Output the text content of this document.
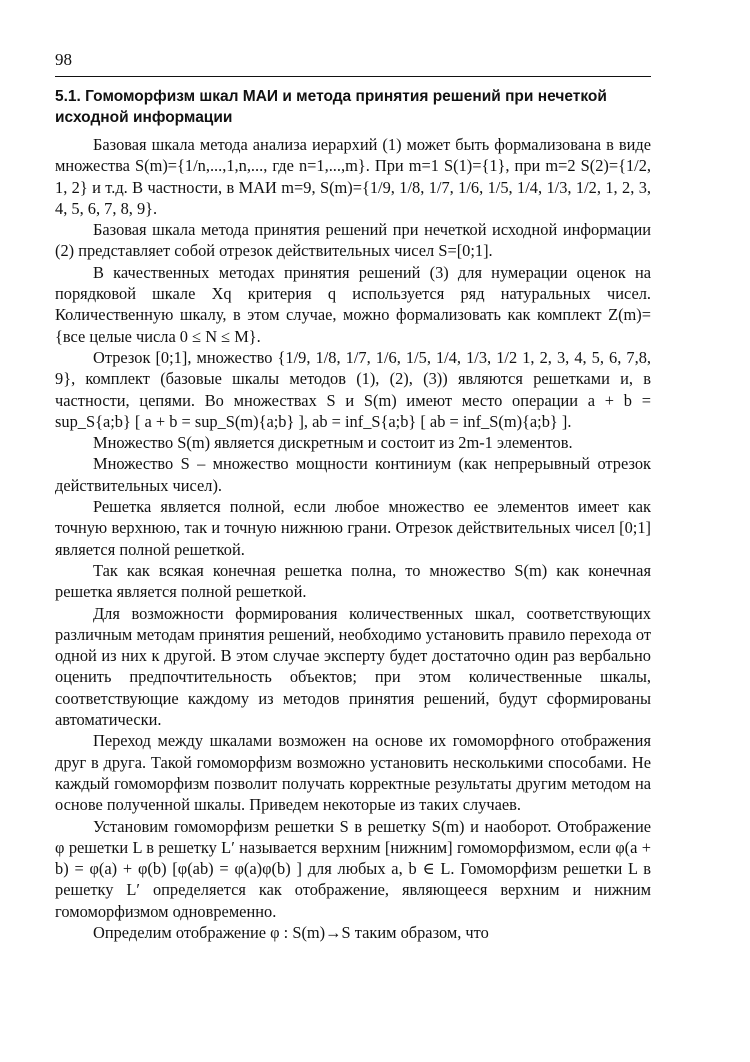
98
5.1. Гомоморфизм шкал МАИ и метода принятия решений при нечеткой исходной информации

Базовая шкала метода анализа иерархий (1) может быть формализована в виде множества S(m)={1/n,...,1,n,..., где n=1,...,m}. При m=1 S(1)={1}, при m=2 S(2)={1/2, 1, 2} и т.д. В частности, в МАИ m=9, S(m)={1/9, 1/8, 1/7, 1/6, 1/5, 1/4, 1/3, 1/2, 1, 2, 3, 4, 5, 6, 7, 8, 9}.

Базовая шкала метода принятия решений при нечеткой исходной информации (2) представляет собой отрезок действительных чисел S=[0;1].

В качественных методах принятия решений (3) для нумерации оценок на порядковой шкале Xq критерия q используется ряд натуральных чисел. Количественную шкалу, в этом случае, можно формализовать как комплект Z(m)={все целые числа 0 ≤ N ≤ M}.

Отрезок [0;1], множество {1/9, 1/8, 1/7, 1/6, 1/5, 1/4, 1/3, 1/2 1, 2, 3, 4, 5, 6, 7,8, 9}, комплект (базовые шкалы методов (1), (2), (3)) являются решетками и, в частности, цепями. Во множествах S и S(m) имеют место операции a + b = sup_S{a;b} [ a + b = sup_S(m){a;b} ], ab = inf_S{a;b} [ ab = inf_S(m){a;b} ].

Множество S(m) является дискретным и состоит из 2m-1 элементов.

Множество S – множество мощности континиум (как непрерывный отрезок действительных чисел).

Решетка является полной, если любое множество ее элементов имеет как точную верхнюю, так и точную нижнюю грани. Отрезок действительных чисел [0;1] является полной решеткой.

Так как всякая конечная решетка полна, то множество S(m) как конечная решетка является полной решеткой.

Для возможности формирования количественных шкал, соответствующих различным методам принятия решений, необходимо установить правило перехода от одной из них к другой. В этом случае эксперту будет достаточно один раз вербально оценить предпочтительность объектов; при этом количественные шкалы, соответствующие каждому из методов принятия решений, будут сформированы автоматически.

Переход между шкалами возможен на основе их гомоморфного отображения друг в друга. Такой гомоморфизм возможно установить несколькими способами. Не каждый гомоморфизм позволит получать корректные результаты другим методом на основе полученной шкалы. Приведем некоторые из таких случаев.

Установим гомоморфизм решетки S в решетку S(m) и наоборот. Отображение φ решетки L в решетку L′ называется верхним [нижним] гомоморфизмом, если φ(a + b) = φ(a) + φ(b) [φ(ab) = φ(a)φ(b) ] для любых a, b ∈ L. Гомоморфизм решетки L в решетку L′ определяется как отображение, являющееся верхним и нижним гомоморфизмом одновременно.

Определим отображение φ : S(m)→S таким образом, что
